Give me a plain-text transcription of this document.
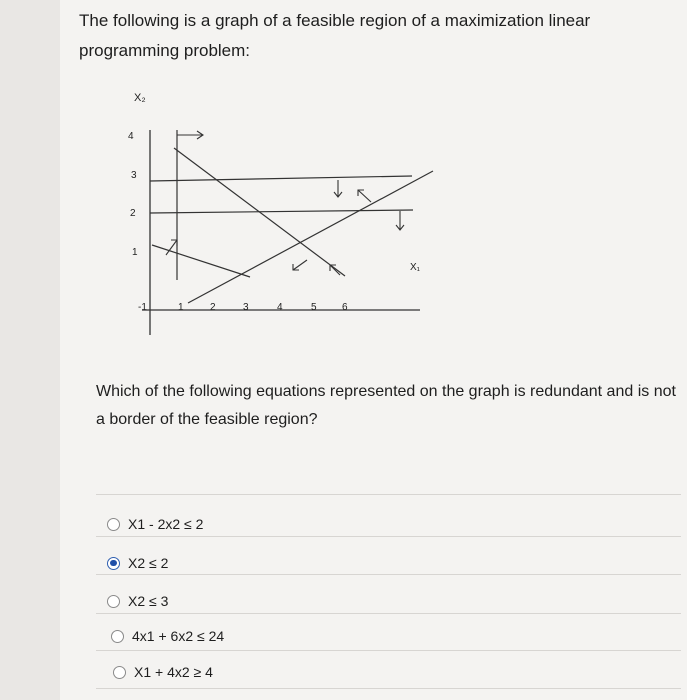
The following is a graph of a feasible region of a maximization linear programming problem:
X₂
X₁
4
3
2
1
-1	1	2	3	4	5	6
Which of the following equations represented on the graph is redundant and is not a border of the feasible region?
X1 - 2x2 ≤ 2
X2 ≤ 2
X2 ≤ 3
4x1 + 6x2 ≤ 24
X1 + 4x2 ≥ 4
